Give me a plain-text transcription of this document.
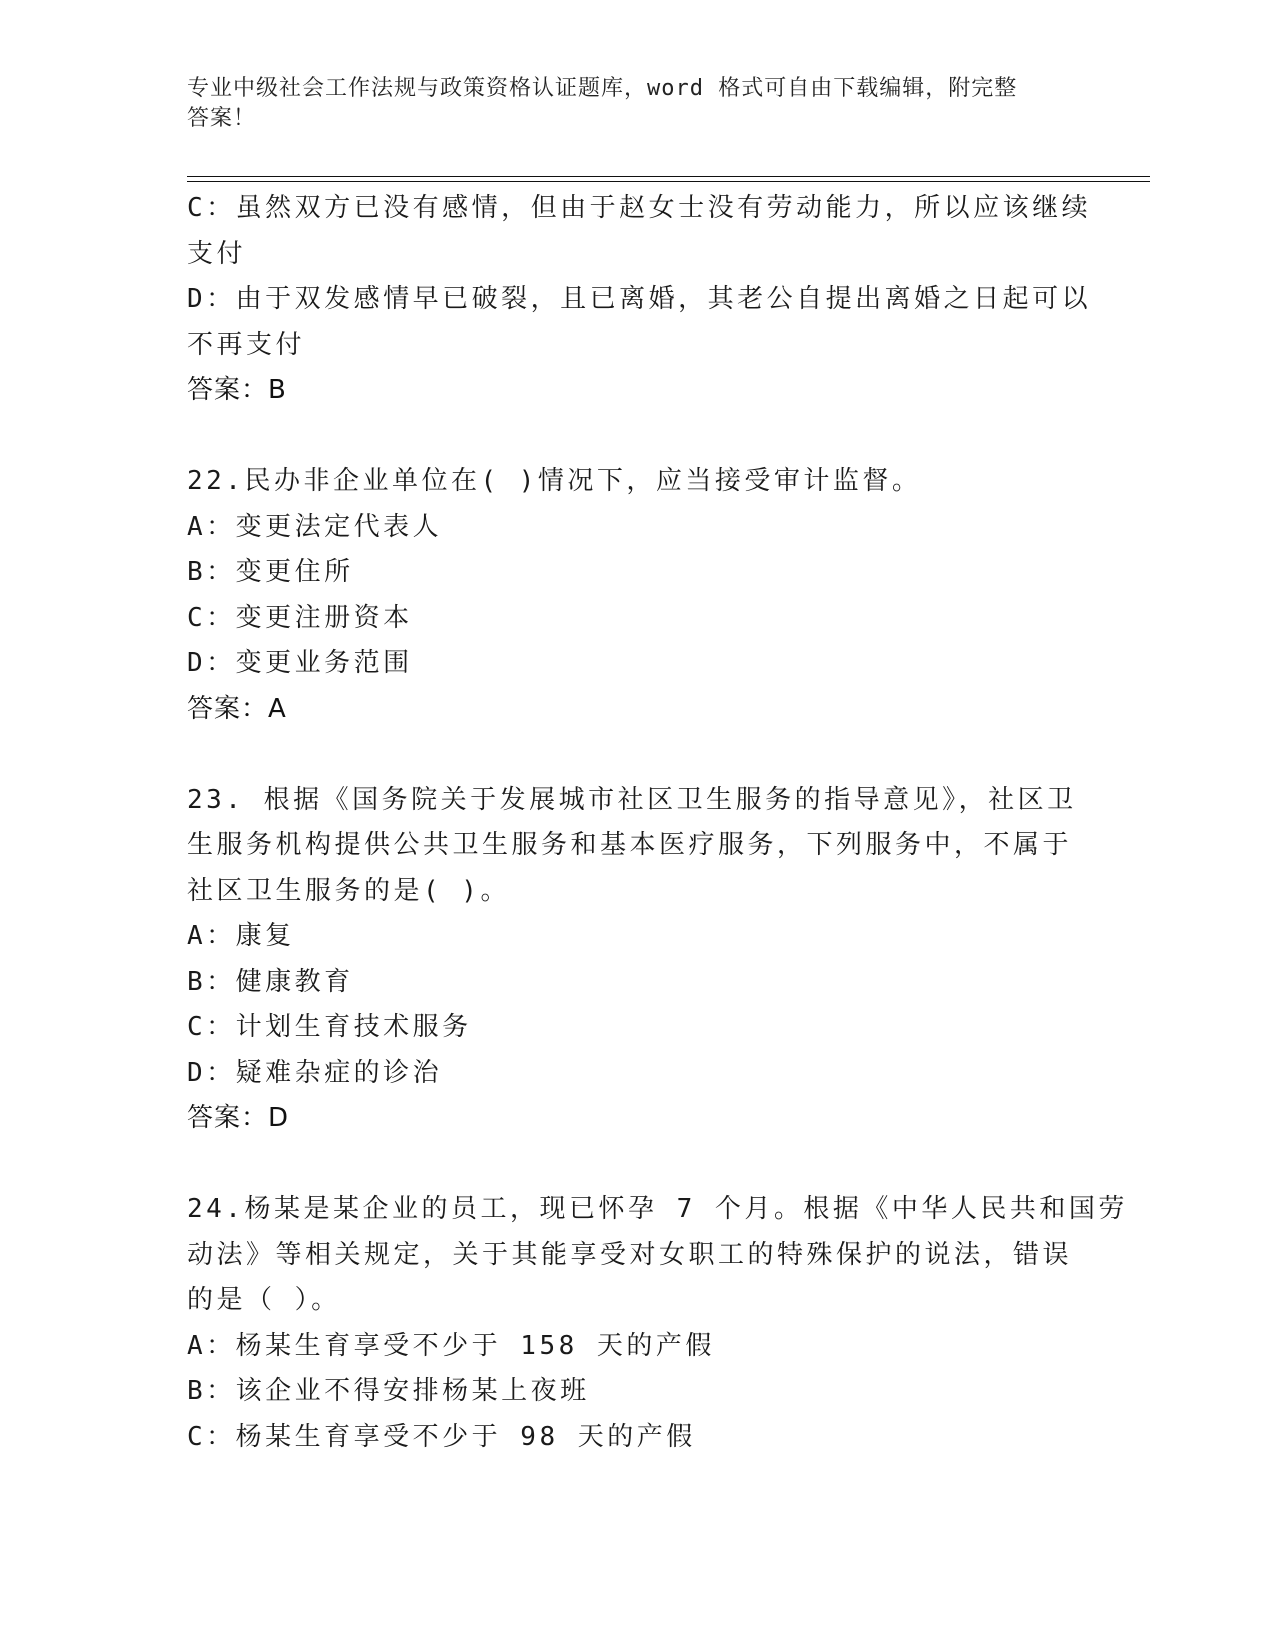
专业中级社会工作法规与政策资格认证题库，word 格式可自由下载编辑，附完整
答案！
C：虽然双方已没有感情，但由于赵女士没有劳动能力，所以应该继续
支付
D：由于双发感情早已破裂，且已离婚，其老公自提出离婚之日起可以
不再支付
答案：B
22.民办非企业单位在( )情况下，应当接受审计监督。
A：变更法定代表人
B：变更住所
C：变更注册资本
D：变更业务范围
答案：A
23. 根据《国务院关于发展城市社区卫生服务的指导意见》，社区卫
生服务机构提供公共卫生服务和基本医疗服务，下列服务中，不属于
社区卫生服务的是( )。
A：康复
B：健康教育
C：计划生育技术服务
D：疑难杂症的诊治
答案：D
24.杨某是某企业的员工，现已怀孕 7 个月。根据《中华人民共和国劳
动法》等相关规定，关于其能享受对女职工的特殊保护的说法，错误
的是（ ）。
A：杨某生育享受不少于 158 天的产假
B：该企业不得安排杨某上夜班
C：杨某生育享受不少于 98 天的产假
